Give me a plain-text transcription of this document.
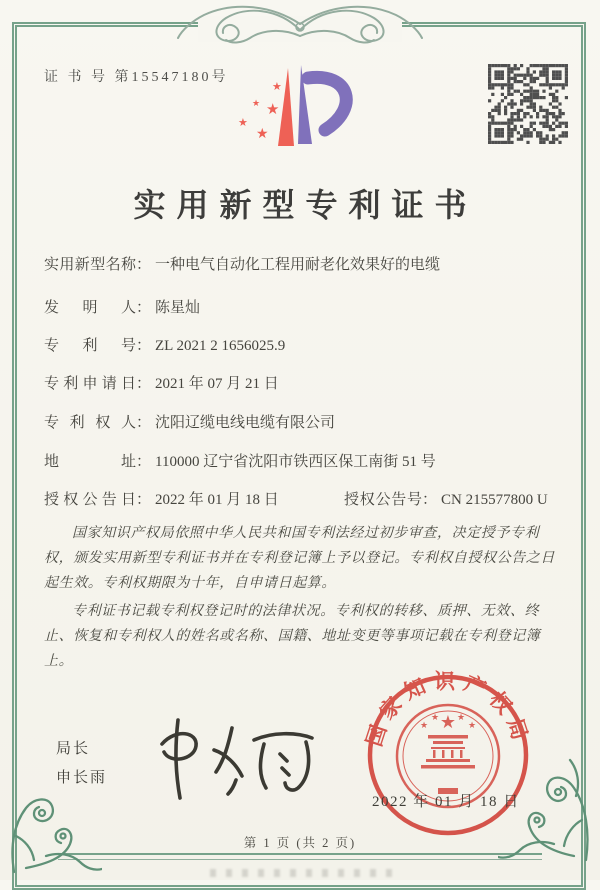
证 书 号 第15547180号
★
★ ★
★
★
实用新型专利证书
实用新型名称： 一种电气自动化工程用耐老化效果好的电缆
发明人： 陈星灿
专利号： ZL 2021 2 1656025.9
专利申请日： 2021 年 07 月 21 日
专利权人： 沈阳辽缆电线电缆有限公司
地址： 110000 辽宁省沈阳市铁西区保工南街 51 号
授权公告日： 2022 年 01 月 18 日	授权公告号： CN 215577800 U

国家知识产权局依照中华人民共和国专利法经过初步审查，决定授予专利权，颁发实用新型专利证书并在专利登记簿上予以登记。专利权自授权公告之日起生效。专利权期限为十年，自申请日起算。

专利证书记载专利权登记时的法律状况。专利权的转移、质押、无效、终止、恢复和专利权人的姓名或名称、国籍、地址变更等事项记载在专利登记簿上。

局长
申长雨
国家知识产权局
★
★
★ ★
★
2022 年 01 月 18 日
第 1 页 (共 2 页)
